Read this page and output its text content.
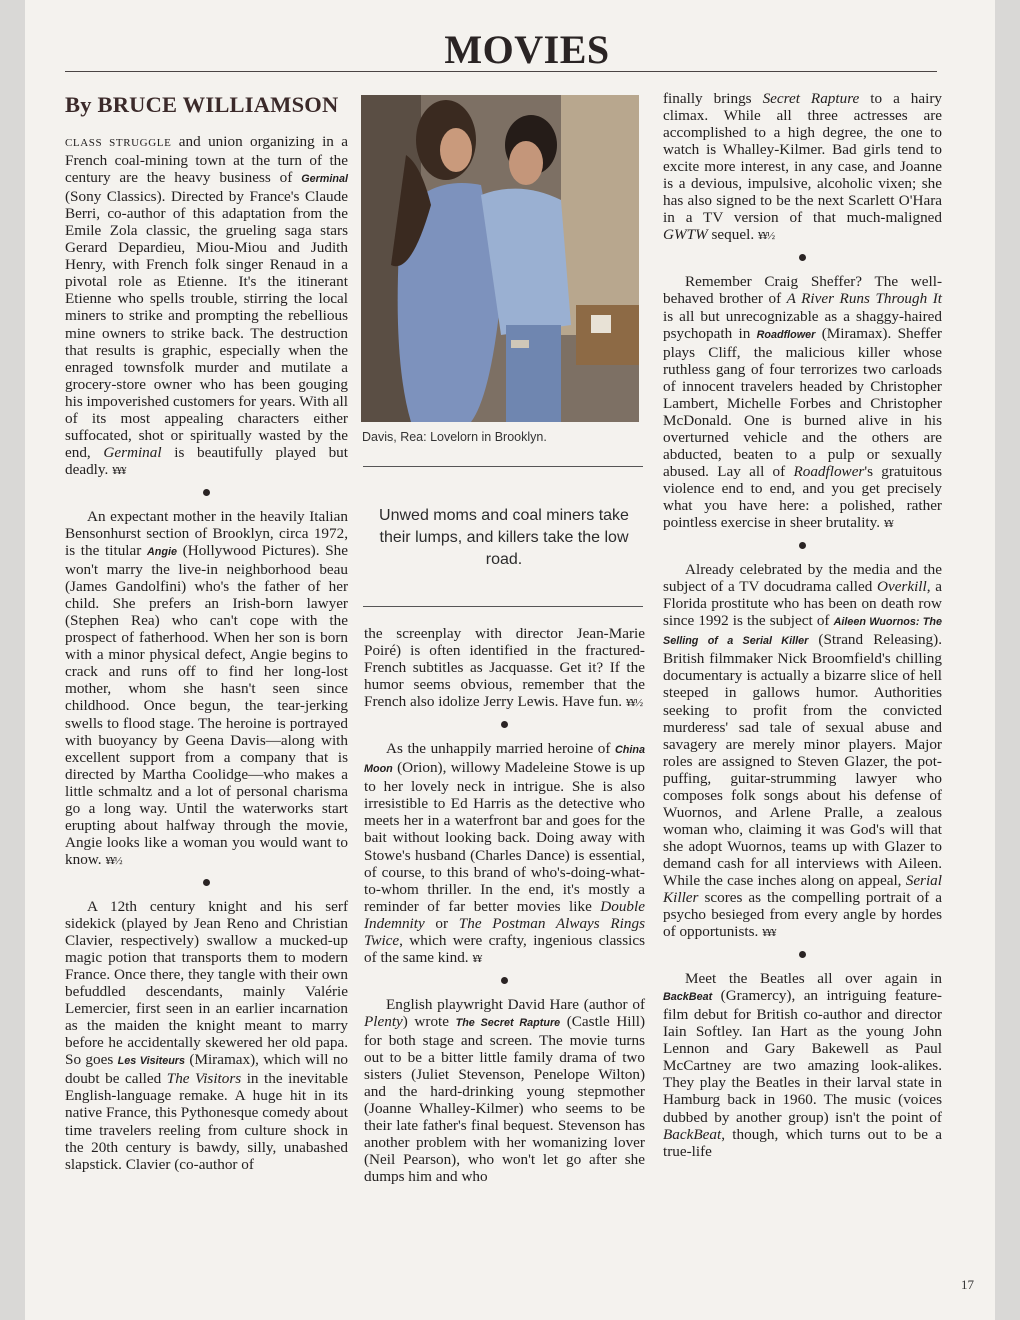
MOVIES
By BRUCE WILLIAMSON

CLASS STRUGGLE and union organizing in a French coal-mining town at the turn of the century are the heavy business of Germinal (Sony Classics). Directed by France's Claude Berri, co-author of this adaptation from the Emile Zola classic, the grueling saga stars Gerard Depardieu, Miou-Miou and Judith Henry, with French folk singer Renaud in a pivotal role as Etienne. It's the itinerant Etienne who spells trouble, stirring the local miners to strike and prompting the rebellious mine owners to strike back. The destruction that results is graphic, especially when the enraged townsfolk murder and mutilate a grocery-store owner who has been gouging his impoverished customers for years. With all of its most appealing characters either suffocated, shot or spiritually wasted by the end, Germinal is beautifully played but deadly. ¥¥¥

An expectant mother in the heavily Italian Bensonhurst section of Brooklyn, circa 1972, is the titular Angie (Hollywood Pictures). She won't marry the live-in neighborhood beau (James Gandolfini) who's the father of her child. She prefers an Irish-born lawyer (Stephen Rea) who can't cope with the prospect of fatherhood. When her son is born with a minor physical defect, Angie begins to crack and runs off to find her long-lost mother, whom she hasn't seen since childhood. Once begun, the tear-jerking swells to flood stage. The heroine is portrayed with buoyancy by Geena Davis—along with excellent support from a company that is directed by Martha Coolidge—who makes a little schmaltz and a lot of personal charisma go a long way. Until the waterworks start erupting about halfway through the movie, Angie looks like a woman you would want to know. ¥¥½

A 12th century knight and his serf sidekick (played by Jean Reno and Christian Clavier, respectively) swallow a mucked-up magic potion that transports them to modern France. Once there, they tangle with their own befuddled descendants, mainly Valérie Lemercier, first seen in an earlier incarnation as the maiden the knight meant to marry before he accidentally skewered her old papa. So goes Les Visiteurs (Miramax), which will no doubt be called The Visitors in the inevitable English-language remake. A huge hit in its native France, this Pythonesque comedy about time travelers reeling from culture shock in the 20th century is bawdy, silly, unabashed slapstick. Clavier (co-author of

Davis, Rea: Lovelorn in Brooklyn.
Unwed moms and coal miners take their lumps, and killers take the low road.

the screenplay with director Jean-Marie Poiré) is often identified in the fractured-French subtitles as Jacquasse. Get it? If the humor seems obvious, remember that the French also idolize Jerry Lewis. Have fun. ¥¥½

As the unhappily married heroine of China Moon (Orion), willowy Madeleine Stowe is up to her lovely neck in intrigue. She is also irresistible to Ed Harris as the detective who meets her in a waterfront bar and goes for the bait without looking back. Doing away with Stowe's husband (Charles Dance) is essential, of course, to this brand of who's-doing-what-to-whom thriller. In the end, it's mostly a reminder of far better movies like Double Indemnity or The Postman Always Rings Twice, which were crafty, ingenious classics of the same kind. ¥¥

English playwright David Hare (author of Plenty) wrote The Secret Rapture (Castle Hill) for both stage and screen. The movie turns out to be a bitter little family drama of two sisters (Juliet Stevenson, Penelope Wilton) and the hard-drinking young stepmother (Joanne Whalley-Kilmer) who seems to be their late father's final bequest. Stevenson has another problem with her womanizing lover (Neil Pearson), who won't let go after she dumps him and who

finally brings Secret Rapture to a hairy climax. While all three actresses are accomplished to a high degree, the one to watch is Whalley-Kilmer. Bad girls tend to excite more interest, in any case, and Joanne is a devious, impulsive, alcoholic vixen; she has also signed to be the next Scarlett O'Hara in a TV version of that much-maligned GWTW sequel. ¥¥½

Remember Craig Sheffer? The well-behaved brother of A River Runs Through It is all but unrecognizable as a shaggy-haired psychopath in Roadflower (Miramax). Sheffer plays Cliff, the malicious killer whose ruthless gang of four terrorizes two carloads of innocent travelers headed by Christopher Lambert, Michelle Forbes and Christopher McDonald. One is burned alive in his overturned vehicle and the others are abducted, beaten to a pulp or sexually abused. Lay all of Roadflower's gratuitous violence end to end, and you get precisely what you have here: a polished, rather pointless exercise in sheer brutality. ¥¥

Already celebrated by the media and the subject of a TV docudrama called Overkill, a Florida prostitute who has been on death row since 1992 is the subject of Aileen Wuornos: The Selling of a Serial Killer (Strand Releasing). British filmmaker Nick Broomfield's chilling documentary is actually a bizarre slice of hell steeped in gallows humor. Authorities seeking to profit from the convicted murderess' sad tale of sexual abuse and savagery are merely minor players. Major roles are assigned to Steven Glazer, the pot-puffing, guitar-strumming lawyer who composes folk songs about his defense of Wuornos, and Arlene Pralle, a zealous woman who, claiming it was God's will that she adopt Wuornos, teams up with Glazer to demand cash for all interviews with Aileen. While the case inches along on appeal, Serial Killer scores as the compelling portrait of a psycho besieged from every angle by hordes of opportunists. ¥¥¥

Meet the Beatles all over again in BackBeat (Gramercy), an intriguing feature-film debut for British co-author and director Iain Softley. Ian Hart as the young John Lennon and Gary Bakewell as Paul McCartney are two amazing look-alikes. They play the Beatles in their larval state in Hamburg back in 1960. The music (voices dubbed by another group) isn't the point of BackBeat, though, which turns out to be a true-life

17
